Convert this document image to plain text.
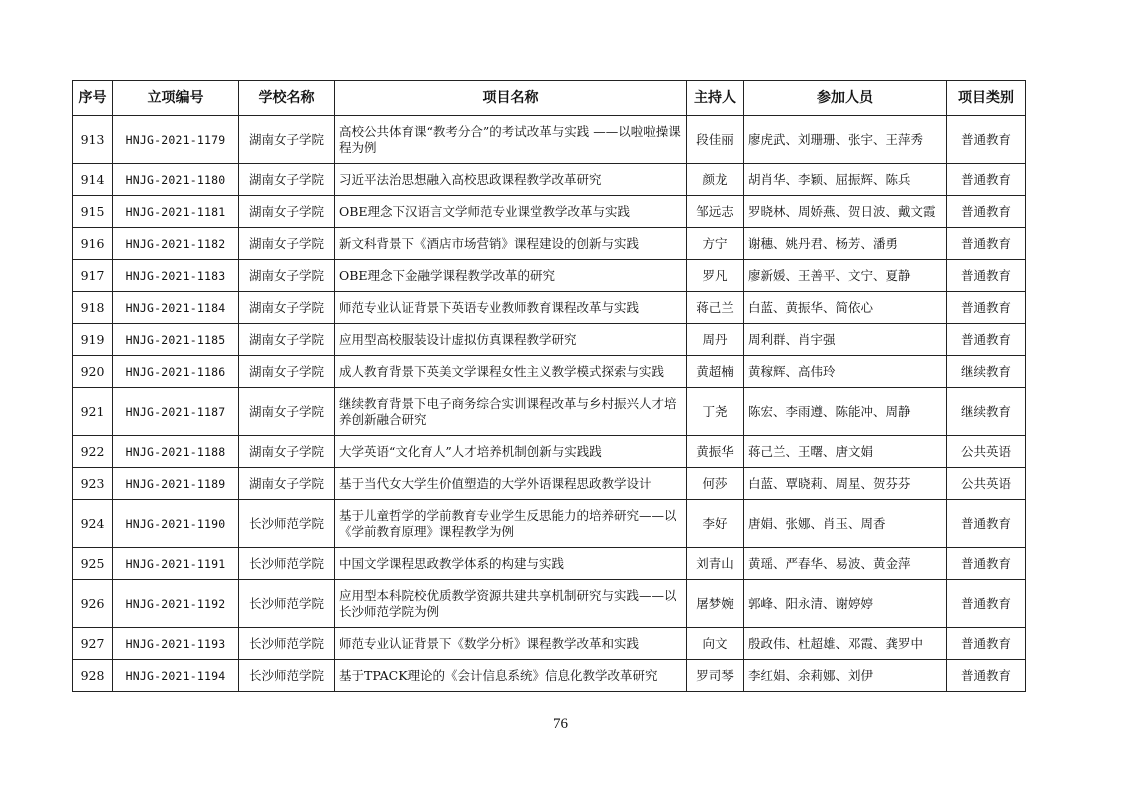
序号	立项编号	学校名称	项目名称	主持人	参加人员	项目类别
913	HNJG-2021-1179	湖南女子学院	高校公共体育课“教考分合”的考试改革与实践 ——以啦啦操课程为例	段佳丽	廖虎武、刘珊珊、张宇、王萍秀	普通教育
914	HNJG-2021-1180	湖南女子学院	习近平法治思想融入高校思政课程教学改革研究	颜龙	胡肖华、李颖、屈振辉、陈兵	普通教育
915	HNJG-2021-1181	湖南女子学院	OBE理念下汉语言文学师范专业课堂教学改革与实践	邹远志	罗晓林、周娇燕、贺日波、戴文霞	普通教育
916	HNJG-2021-1182	湖南女子学院	新文科背景下《酒店市场营销》课程建设的创新与实践	方宁	谢穗、姚丹君、杨芳、潘勇	普通教育
917	HNJG-2021-1183	湖南女子学院	OBE理念下金融学课程教学改革的研究	罗凡	廖新媛、王善平、文宁、夏静	普通教育
918	HNJG-2021-1184	湖南女子学院	师范专业认证背景下英语专业教师教育课程改革与实践	蒋己兰	白蓝、黄振华、简依心	普通教育
919	HNJG-2021-1185	湖南女子学院	应用型高校服装设计虚拟仿真课程教学研究	周丹	周利群、肖宇强	普通教育
920	HNJG-2021-1186	湖南女子学院	成人教育背景下英美文学课程女性主义教学模式探索与实践	黄超楠	黄稼辉、高伟玲	继续教育
921	HNJG-2021-1187	湖南女子学院	继续教育背景下电子商务综合实训课程改革与乡村振兴人才培养创新融合研究	丁尧	陈宏、李雨遵、陈能冲、周静	继续教育
922	HNJG-2021-1188	湖南女子学院	大学英语“文化育人”人才培养机制创新与实践践	黄振华	蒋己兰、王曙、唐文娟	公共英语
923	HNJG-2021-1189	湖南女子学院	基于当代女大学生价值塑造的大学外语课程思政教学设计	何莎	白蓝、覃晓莉、周星、贺芬芬	公共英语
924	HNJG-2021-1190	长沙师范学院	基于儿童哲学的学前教育专业学生反思能力的培养研究——以《学前教育原理》课程教学为例	李好	唐娟、张娜、肖玉、周香	普通教育
925	HNJG-2021-1191	长沙师范学院	中国文学课程思政教学体系的构建与实践	刘青山	黄瑶、严春华、易波、黄金萍	普通教育
926	HNJG-2021-1192	长沙师范学院	应用型本科院校优质教学资源共建共享机制研究与实践——以长沙师范学院为例	屠梦婉	郭峰、阳永清、谢婷婷	普通教育
927	HNJG-2021-1193	长沙师范学院	师范专业认证背景下《数学分析》课程教学改革和实践	向文	殷政伟、杜超雄、邓霞、龚罗中	普通教育
928	HNJG-2021-1194	长沙师范学院	基于TPACK理论的《会计信息系统》信息化教学改革研究	罗司琴	李红娟、余莉娜、刘伊	普通教育
76
